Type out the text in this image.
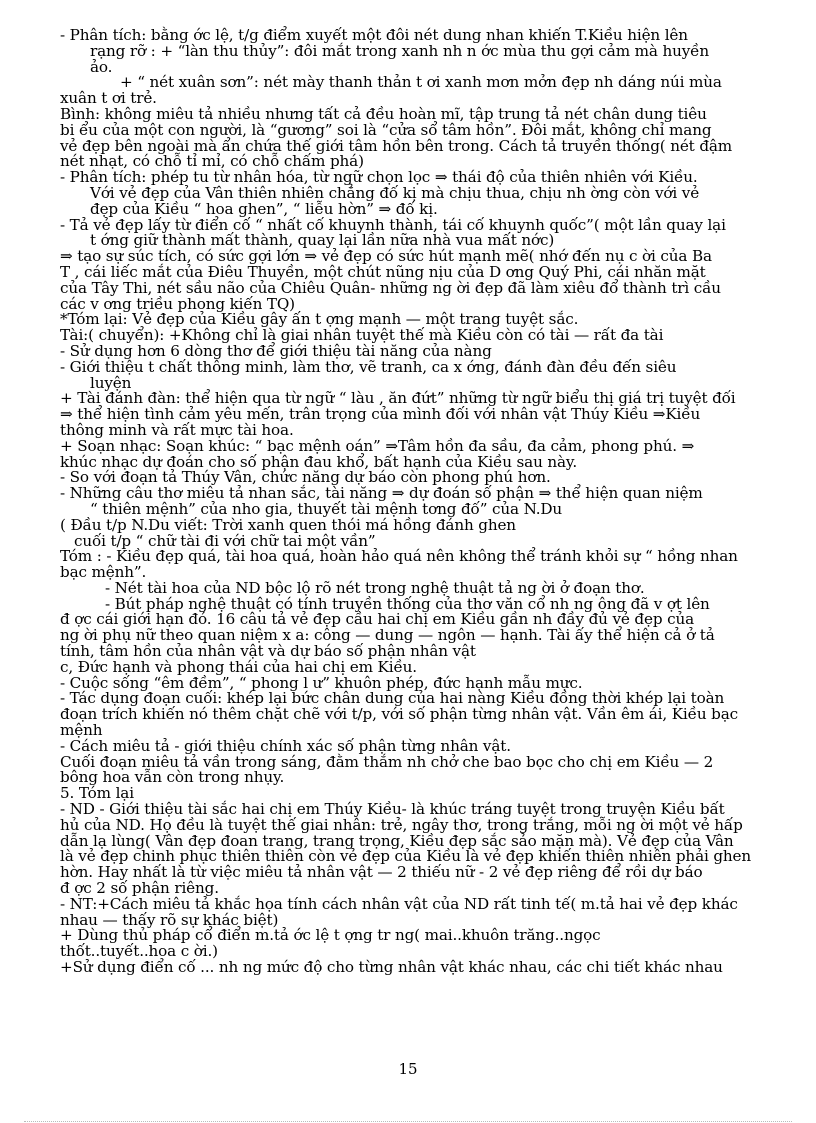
- Phân tích: bằng ớc lệ, t/g điểm xuyết một đôi nét dung nhan khiến T.Kiều hiện lên
rạng rỡ : + “làn thu thủy”: đôi mắt trong xanh nh n ớc mùa thu gợi cảm mà huyền
ảo.
+ “ nét xuân sơn”: nét mày thanh thản t ơi xanh mơn mởn đẹp nh dáng núi mùa
xuân t ơi trẻ.
Bình: không miêu tả nhiều nhưng tất cả đều hoàn mĩ, tập trung tả nét chân dung tiêu
bi ểu của một con người, là “gương” soi là “cửa sổ tâm hồn”. Đôi mắt, không chỉ mang
vẻ đẹp bên ngoài mà ẩn chứa thế giới tâm hồn bên trong. Cách tả truyền thống( nét đậm
nét nhạt, có chỗ tỉ mỉ, có chỗ chấm phá)
- Phân tích: phép tu từ nhân hóa, từ ngữ chọn lọc ⇒ thái độ của thiên nhiên với Kiều.
Với vẻ đẹp của Vân thiên nhiên chẳng đố kị mà chịu thua, chịu nh ờng còn với vẻ
đẹp của Kiều “ hoa ghen”, “ liễu hờn” ⇒ đố kị.
- Tả vẻ đẹp lấy từ điển cố “ nhất cố khuynh thành, tái cố khuynh quốc”( một lần quay lại
t ớng giữ thành mất thành, quay lại lần nữa nhà vua mất nớc)
⇒ tạo sự súc tích, có sức gợi lớn ⇒ vẻ đẹp có sức hút mạnh mẽ( nhớ đến nụ c ời của Ba
T , cái liếc mắt của Điêu Thuyền, một chút nũng nịu của D ơng Quý Phi, cái nhăn mặt
của Tây Thi, nét sầu não của Chiêu Quân- những ng ời đẹp đã làm xiêu đổ thành trì cầu
các v ơng triều phong kiến TQ)
*Tóm lại: Vẻ đẹp của Kiều gây ấn t ợng mạnh — một trang tuyệt sắc.
Tài:( chuyển): +Không chỉ là giai nhân tuyệt thế mà Kiều còn có tài — rất đa tài
- Sử dụng hơn 6 dòng thơ để giới thiệu tài năng của nàng
- Giới thiệu t chất thông minh, làm thơ, vẽ tranh, ca x ớng, đánh đàn đều đến siêu
luyện
+ Tài đánh đàn: thể hiện qua từ ngữ “ làu , ăn đứt” những từ ngữ biểu thị giá trị tuyệt đối
⇒ thể hiện tình cảm yêu mến, trân trọng của mình đối với nhân vật Thúy Kiều ⇒Kiều
thông minh và rất mực tài hoa.
+ Soạn nhạc: Soạn khúc: “ bạc mệnh oán” ⇒Tâm hồn đa sầu, đa cảm, phong phú. ⇒
khúc nhạc dự đoán cho số phận đau khổ, bất hạnh của Kiều sau này.
- So với đoạn tả Thúy Vân, chức năng dự báo còn phong phú hơn.
- Những câu thơ miêu tả nhan sắc, tài năng ⇒ dự đoán số phận ⇒ thể hiện quan niệm
“ thiên mệnh” của nho gia, thuyết tài mệnh tơng đố” của N.Du
( Đầu t/p N.Du viết: Trời xanh quen thói má hồng đánh ghen
cuối t/p “ chữ tài đi với chữ tai một vần”
Tóm : - Kiều đẹp quá, tài hoa quá, hoàn hảo quá nên không thể tránh khỏi sự “ hồng nhan
bạc mệnh”.
- Nét tài hoa của ND bộc lộ rõ nét trong nghệ thuật tả ng ời ở đoạn thơ.
- Bút pháp nghệ thuật có tính truyền thống của thơ văn cổ nh ng ông đã v ợt lên
đ ợc cái giới hạn đó. 16 câu tả vẻ đẹp cầu hai chị em Kiều gần nh đầy đủ vẻ đẹp của
ng ời phụ nữ theo quan niệm x a: công — dung — ngôn — hạnh. Tài ấy thể hiện cả ở tả
tính, tâm hồn của nhân vật và dự báo số phận nhân vật
c, Đức hạnh và phong thái của hai chị em Kiều.
- Cuộc sống “êm đềm”, “ phong l ư” khuôn phép, đức hạnh mẫu mực.
- Tác dụng đoạn cuối: khép lại bức chân dung của hai nàng Kiều đồng thời khép lại toàn
đoạn trích khiến nó thêm chặt chẽ với t/p, với số phận từng nhân vật. Vần êm ái, Kiều bạc
mệnh
- Cách miêu tả - giới thiệu chính xác số phận từng nhân vật.
Cuối đoạn miêu tả vần trong sáng, đằm thắm nh chở che bao bọc cho chị em Kiều — 2
bông hoa vẫn còn trong nhụy.
5. Tóm lại
- ND - Giới thiệu tài sắc hai chị em Thúy Kiều- là khúc tráng tuyệt trong truyện Kiều bất
hủ của ND. Họ đều là tuyệt thế giai nhân: trẻ, ngây thơ, trong trắng, mỗi ng ời một vẻ hấp
dẫn lạ lùng( Vân đẹp đoan trang, trang trọng, Kiều đẹp sắc sảo mặn mà). Vẻ đẹp của Vân
là vẻ đẹp chinh phục thiên thiên còn vẻ đẹp của Kiều là vẻ đẹp khiến thiên nhiên phải ghen
hờn. Hay nhất là từ việc miêu tả nhân vật — 2 thiếu nữ - 2 vẻ đẹp riêng để rồi dự báo
đ ợc 2 số phận riêng.
- NT:+Cách miêu tả khắc họa tính cách nhân vật của ND rất tinh tế( m.tả hai vẻ đẹp khác
nhau — thấy rõ sự khác biệt)
+ Dùng thủ pháp cổ điển m.tả ớc lệ t ợng tr ng( mai..khuôn trăng..ngọc
thốt..tuyết..hoa c ời.)
+Sử dụng điển cố ... nh ng mức độ cho từng nhân vật khác nhau, các chi tiết khác nhau
15
